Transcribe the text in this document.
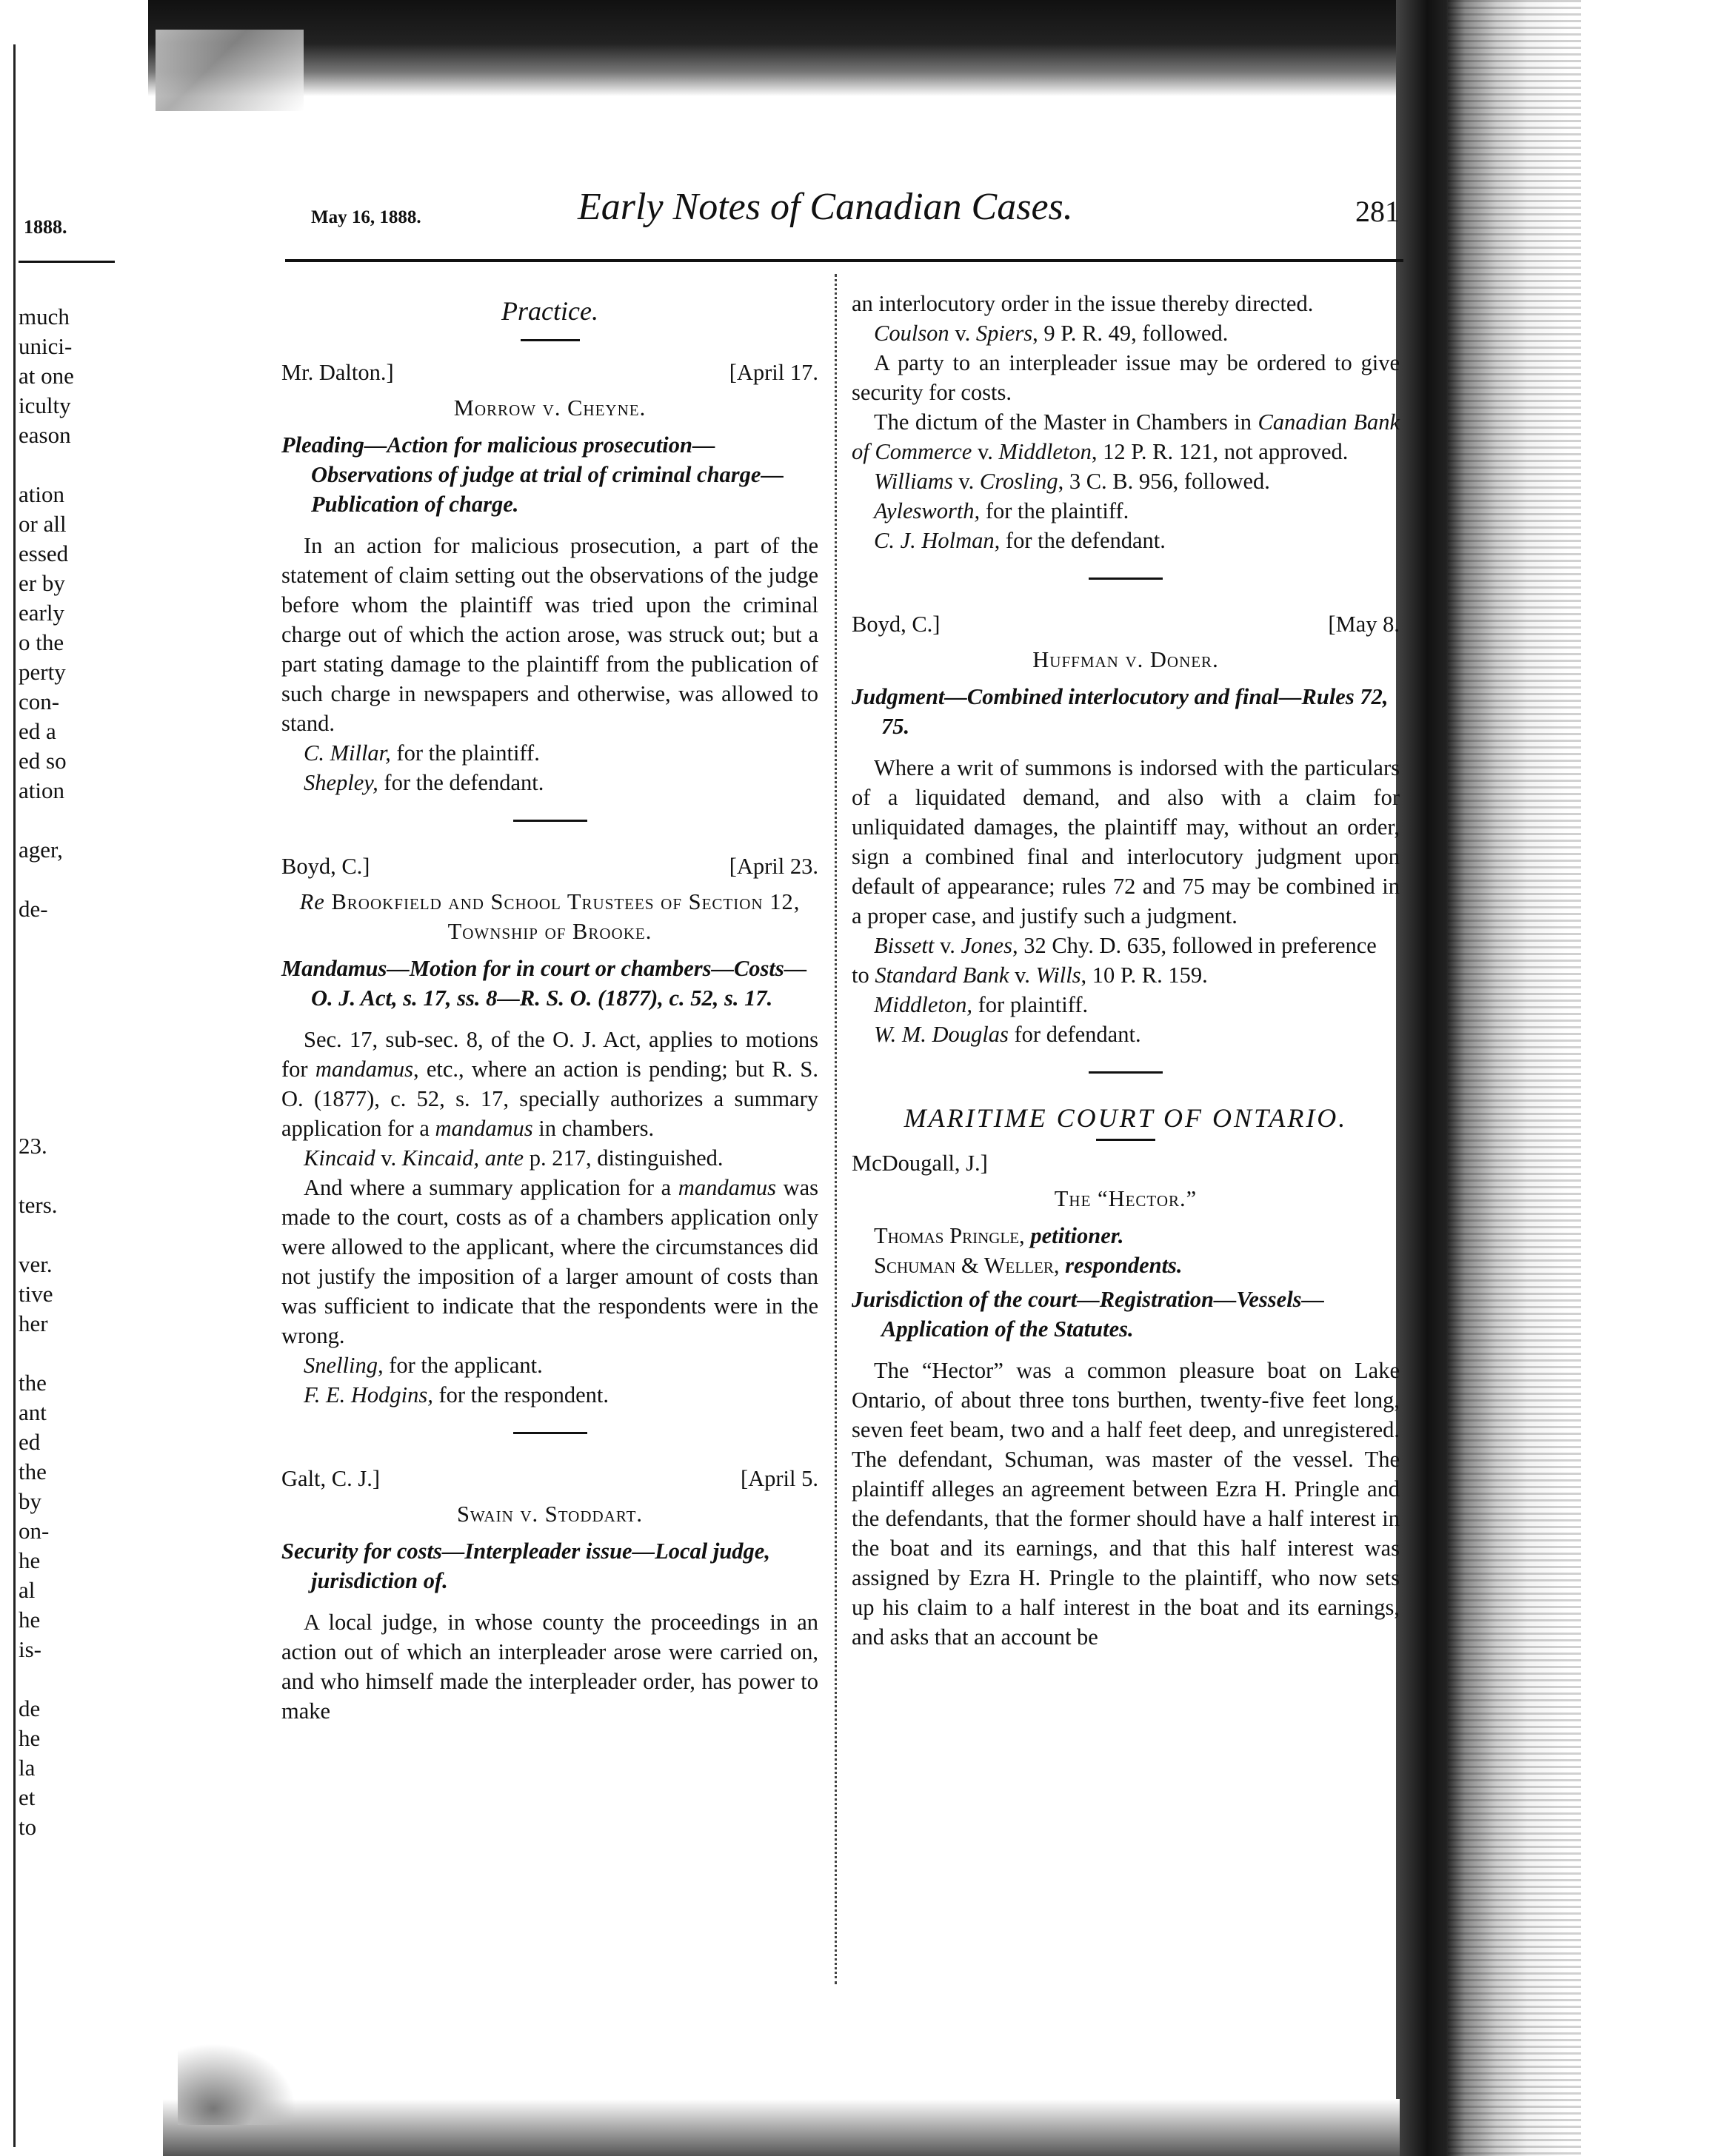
1888.
much
unici-
at one
iculty
eason
ation
or all
essed
er by
early
o the
perty
con-
ed a
ed so
ation
ager,
de-
23.
ters.
ver.
tive
her
the
ant
ed
the
by
on-
he
al
he
is-
de
he
la
et
to
May 16, 1888.	Early Notes of Canadian Cases.	281
Practice.
Mr. Dalton.]	[April 17.
Morrow v. Cheyne.

Pleading—Action for malicious prosecution—Observations of judge at trial of criminal charge—Publication of charge.

In an action for malicious prosecution, a part of the statement of claim setting out the observations of the judge before whom the plaintiff was tried upon the criminal charge out of which the action arose, was struck out; but a part stating damage to the plaintiff from the publication of such charge in newspapers and otherwise, was allowed to stand.

C. Millar, for the plaintiff.

Shepley, for the defendant.

Boyd, C.]	[April 23.
Re Brookfield and School Trustees of Section 12, Township of Brooke.

Mandamus—Motion for in court or chambers—Costs—O. J. Act, s. 17, ss. 8—R. S. O. (1877), c. 52, s. 17.

Sec. 17, sub-sec. 8, of the O. J. Act, applies to motions for mandamus, etc., where an action is pending; but R. S. O. (1877), c. 52, s. 17, specially authorizes a summary application for a mandamus in chambers.

Kincaid v. Kincaid, ante p. 217, distinguished.

And where a summary application for a mandamus was made to the court, costs as of a chambers application only were allowed to the applicant, where the circumstances did not justify the imposition of a larger amount of costs than was sufficient to indicate that the respondents were in the wrong.

Snelling, for the applicant.

F. E. Hodgins, for the respondent.

Galt, C. J.]	[April 5.
Swain v. Stoddart.

Security for costs—Interpleader issue—Local judge, jurisdiction of.

A local judge, in whose county the proceedings in an action out of which an interpleader arose were carried on, and who himself made the interpleader order, has power to make

an interlocutory order in the issue thereby directed.

Coulson v. Spiers, 9 P. R. 49, followed.

A party to an interpleader issue may be ordered to give security for costs.

The dictum of the Master in Chambers in Canadian Bank of Commerce v. Middleton, 12 P. R. 121, not approved.

Williams v. Crosling, 3 C. B. 956, followed.

Aylesworth, for the plaintiff.

C. J. Holman, for the defendant.

Boyd, C.]	[May 8.
Huffman v. Doner.

Judgment—Combined interlocutory and final—Rules 72, 75.

Where a writ of summons is indorsed with the particulars of a liquidated demand, and also with a claim for unliquidated damages, the plaintiff may, without an order, sign a combined final and interlocutory judgment upon default of appearance; rules 72 and 75 may be combined in a proper case, and justify such a judgment.

Bissett v. Jones, 32 Chy. D. 635, followed in preference to Standard Bank v. Wills, 10 P. R. 159.

Middleton, for plaintiff.

W. M. Douglas for defendant.

MARITIME COURT OF ONTARIO.
McDougall, J.]
The “Hector.”

Thomas Pringle, petitioner.

Schuman & Weller, respondents.

Jurisdiction of the court—Registration—Vessels—Application of the Statutes.

The “Hector” was a common pleasure boat on Lake Ontario, of about three tons burthen, twenty-five feet long, seven feet beam, two and a half feet deep, and unregistered. The defendant, Schuman, was master of the vessel. The plaintiff alleges an agreement between Ezra H. Pringle and the defendants, that the former should have a half interest in the boat and its earnings, and that this half interest was assigned by Ezra H. Pringle to the plaintiff, who now sets up his claim to a half interest in the boat and its earnings, and asks that an account be
